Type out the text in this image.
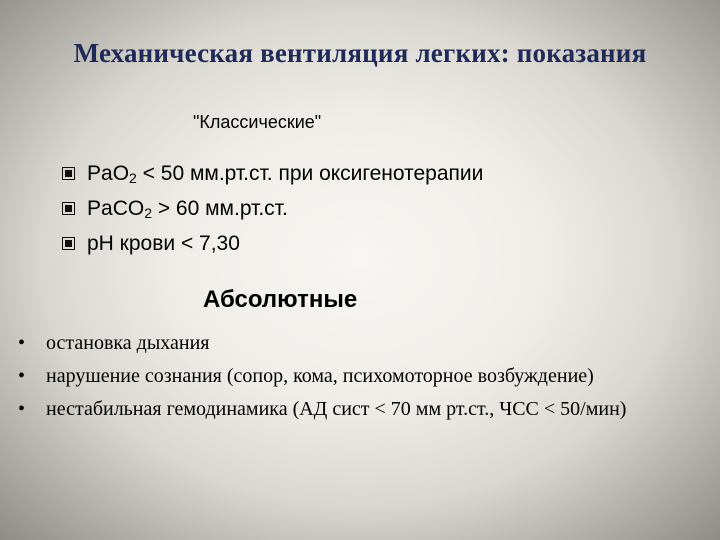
Механическая вентиляция легких: показания
"Классические"
PaO$_2$ < 50 мм.рт.ст. при оксигенотерапии
PaCO$_2$ > 60 мм.рт.ст.
pH крови < 7,30
Абсолютные
• остановка дыхания
• нарушение сознания (сопор, кома, психомоторное возбуждение)
• нестабильная гемодинамика (АД сист < 70 мм рт.ст., ЧСС < 50/мин)
